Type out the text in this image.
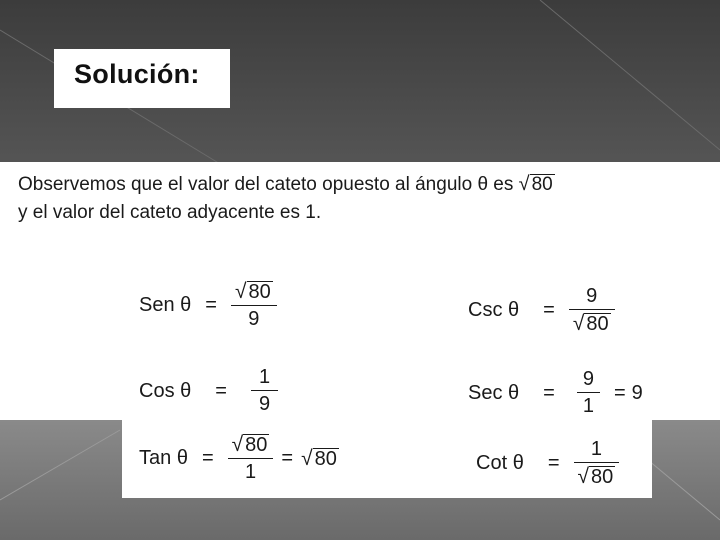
Solución:
Observemos que el valor del cateto opuesto al ángulo θ es √ 80
y el valor del cateto adyacente es 1.
Sen $\theta = \frac{√ 80}{9}$
Cos $\theta = \frac{1}{9}$
Tan $\theta = \frac{√ 80}{1}$ = √ 80
Csc $\theta = \frac{9}{√ 80}$
Sec $\theta = \frac{9}{1} = 9$
Cot $\theta = \frac{1}{√ 80}$
